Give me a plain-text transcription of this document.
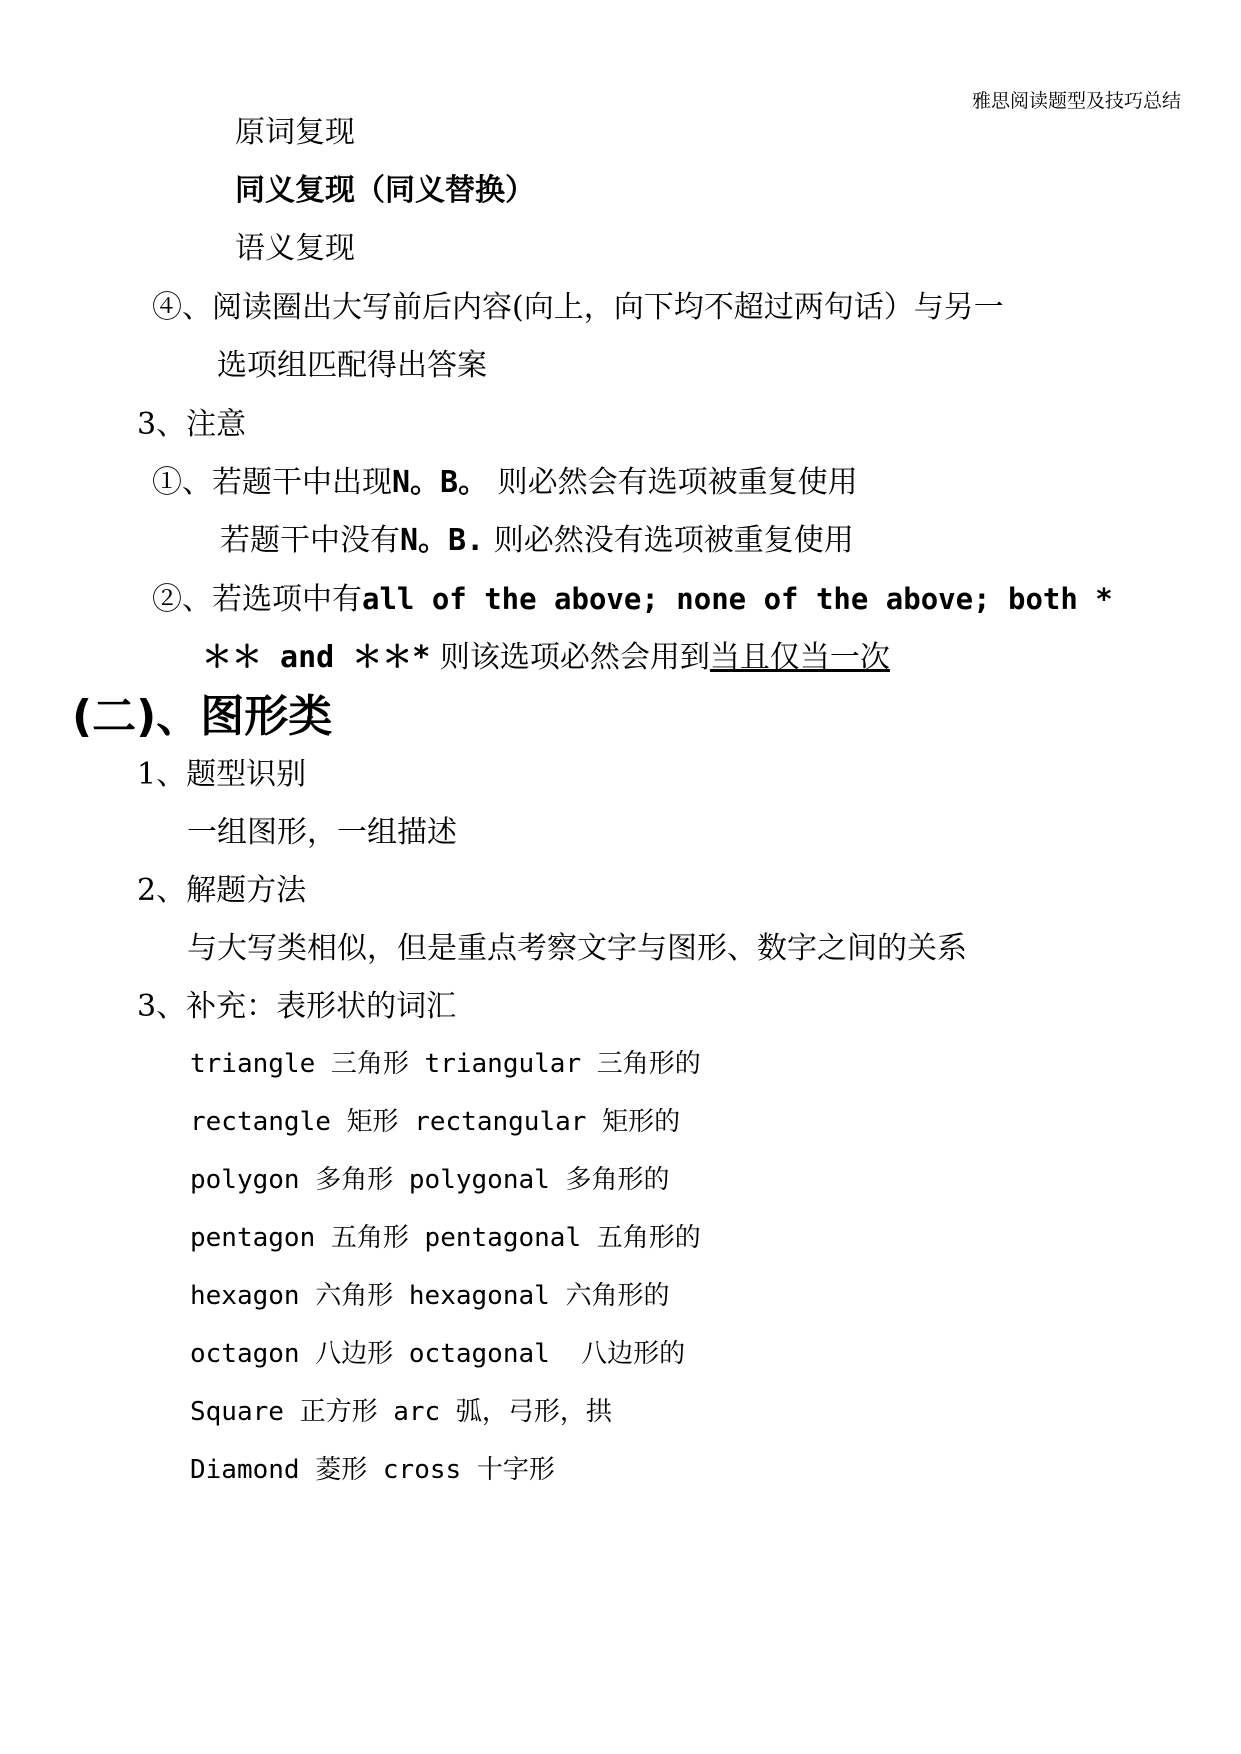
雅思阅读题型及技巧总结
原词复现
同义复现（同义替换）
语义复现
④、阅读圈出大写前后内容(向上，向下均不超过两句话）与另一
选项组匹配得出答案
3、注意
①、若题干中出现N。B。 则必然会有选项被重复使用
若题干中没有N。B. 则必然没有选项被重复使用
②、若选项中有all of the above; none of the above; both *
＊＊ and ＊＊* 则该选项必然会用到当且仅当一次
(二)、图形类
1、题型识别
一组图形，一组描述
2、解题方法
与大写类相似，但是重点考察文字与图形、数字之间的关系
3、补充：表形状的词汇
triangle 三角形 triangular 三角形的
rectangle 矩形 rectangular 矩形的
polygon 多角形 polygonal 多角形的
pentagon 五角形 pentagonal 五角形的
hexagon 六角形 hexagonal 六角形的
octagon 八边形 octagonal  八边形的
Square 正方形 arc 弧，弓形，拱
Diamond 菱形 cross 十字形
